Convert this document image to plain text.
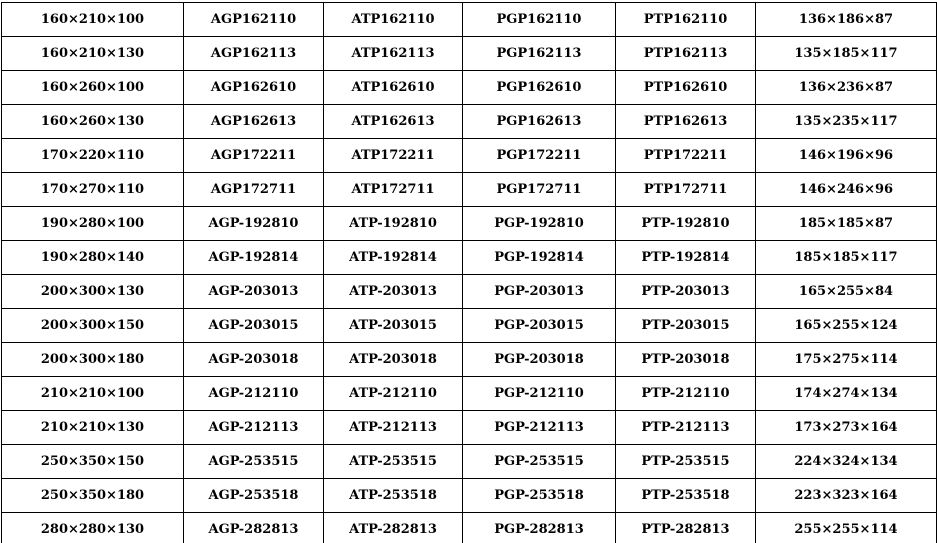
160×210×100	AGP162110	ATP162110	PGP162110	PTP162110	136×186×87
160×210×130	AGP162113	ATP162113	PGP162113	PTP162113	135×185×117
160×260×100	AGP162610	ATP162610	PGP162610	PTP162610	136×236×87
160×260×130	AGP162613	ATP162613	PGP162613	PTP162613	135×235×117
170×220×110	AGP172211	ATP172211	PGP172211	PTP172211	146×196×96
170×270×110	AGP172711	ATP172711	PGP172711	PTP172711	146×246×96
190×280×100	AGP-192810	ATP-192810	PGP-192810	PTP-192810	185×185×87
190×280×140	AGP-192814	ATP-192814	PGP-192814	PTP-192814	185×185×117
200×300×130	AGP-203013	ATP-203013	PGP-203013	PTP-203013	165×255×84
200×300×150	AGP-203015	ATP-203015	PGP-203015	PTP-203015	165×255×124
200×300×180	AGP-203018	ATP-203018	PGP-203018	PTP-203018	175×275×114
210×210×100	AGP-212110	ATP-212110	PGP-212110	PTP-212110	174×274×134
210×210×130	AGP-212113	ATP-212113	PGP-212113	PTP-212113	173×273×164
250×350×150	AGP-253515	ATP-253515	PGP-253515	PTP-253515	224×324×134
250×350×180	AGP-253518	ATP-253518	PGP-253518	PTP-253518	223×323×164
280×280×130	AGP-282813	ATP-282813	PGP-282813	PTP-282813	255×255×114
